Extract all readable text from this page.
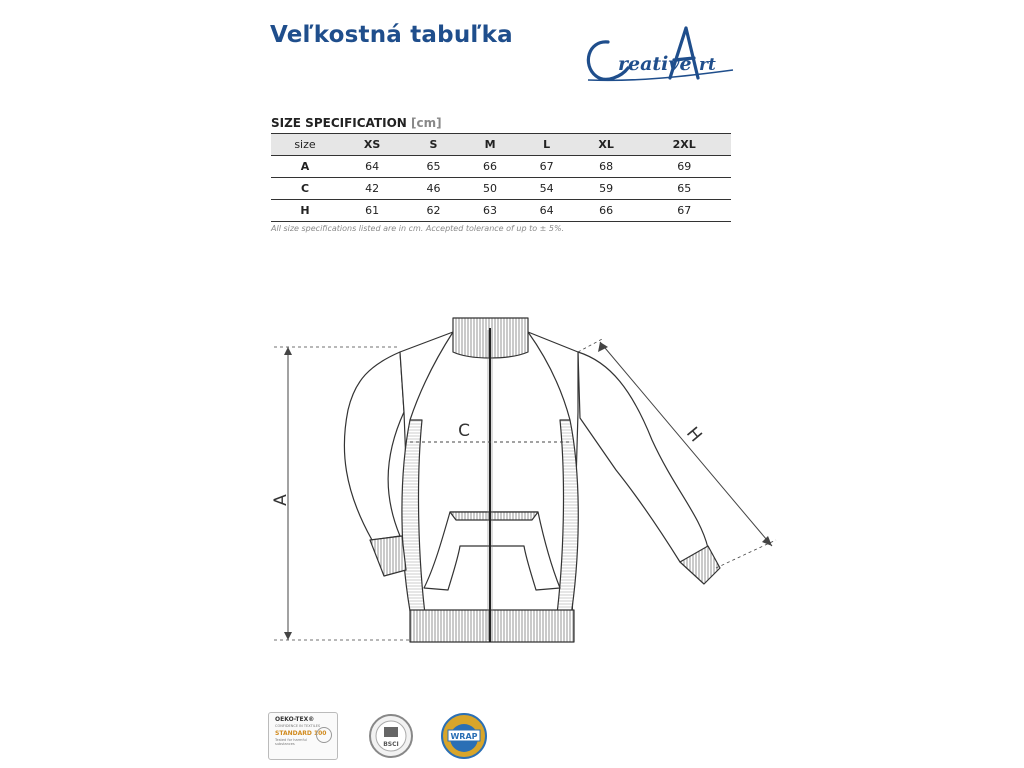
Veľkostná tabuľka
reative rt
SIZE SPECIFICATION [cm]
size	XS	S	M	L	XL	2XL
A	64	65	66	67	68	69
C	42	46	50	54	59	65
H	61	62	63	64	66	67
All size specifications listed are in cm. Accepted tolerance of up to ± 5%.
A
C	H
OEKO-TEX®
CONFIDENCE IN TEXTILES
STANDARD 100
Tested for harmful substances	BSCI
WRAP
